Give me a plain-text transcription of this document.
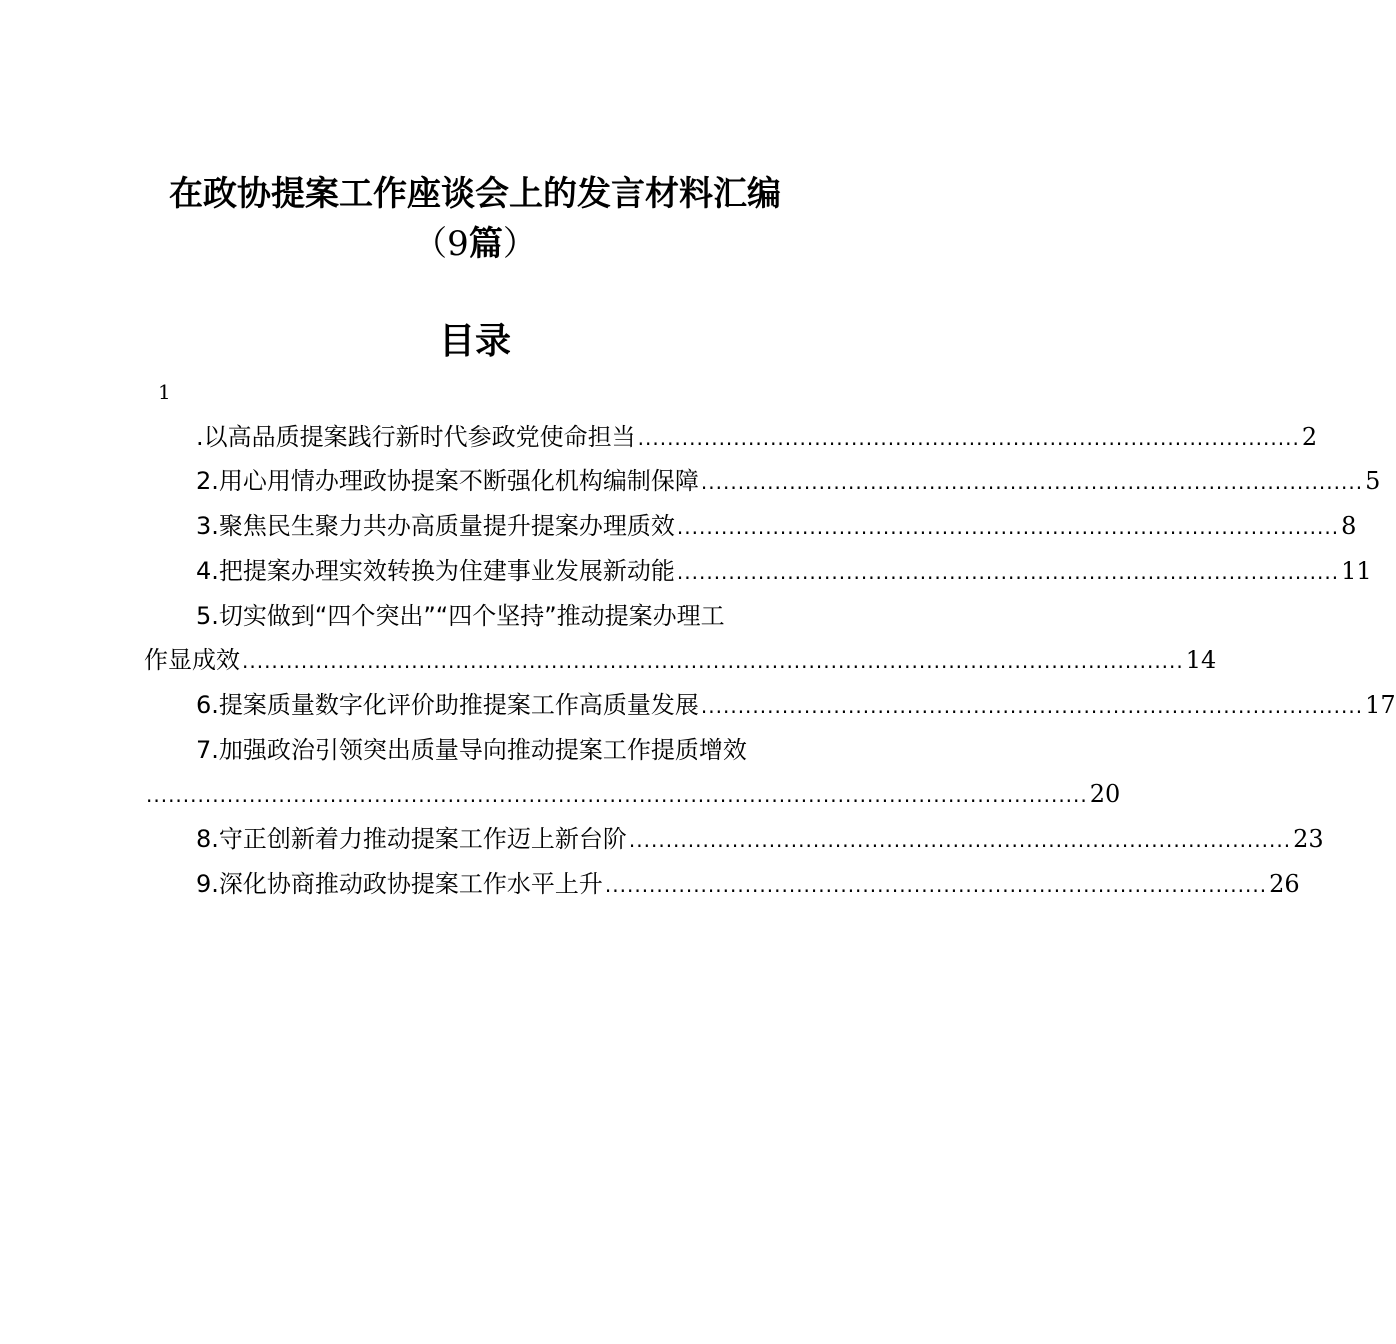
在政协提案工作座谈会上的发言材料汇编
（9篇）
目录
1
.以高品质提案践行新时代参政党使命担当 .......................................................................................... 2
2.用心用情办理政协提案不断强化机构编制保障 .......................................................................................... 5
3.聚焦民生聚力共办高质量提升提案办理质效 .......................................................................................... 8
4.把提案办理实效转换为住建事业发展新动能 .......................................................................................... 11
5.切实做到“四个突出”“四个坚持”推动提案办理工
作显成效 ................................................................................................................................ 14
6.提案质量数字化评价助推提案工作高质量发展 .......................................................................................... 17
7.加强政治引领突出质量导向推动提案工作提质增效
................................................................................................................................ 20
8.守正创新着力推动提案工作迈上新台阶 .......................................................................................... 23
9.深化协商推动政协提案工作水平上升 .......................................................................................... 26
